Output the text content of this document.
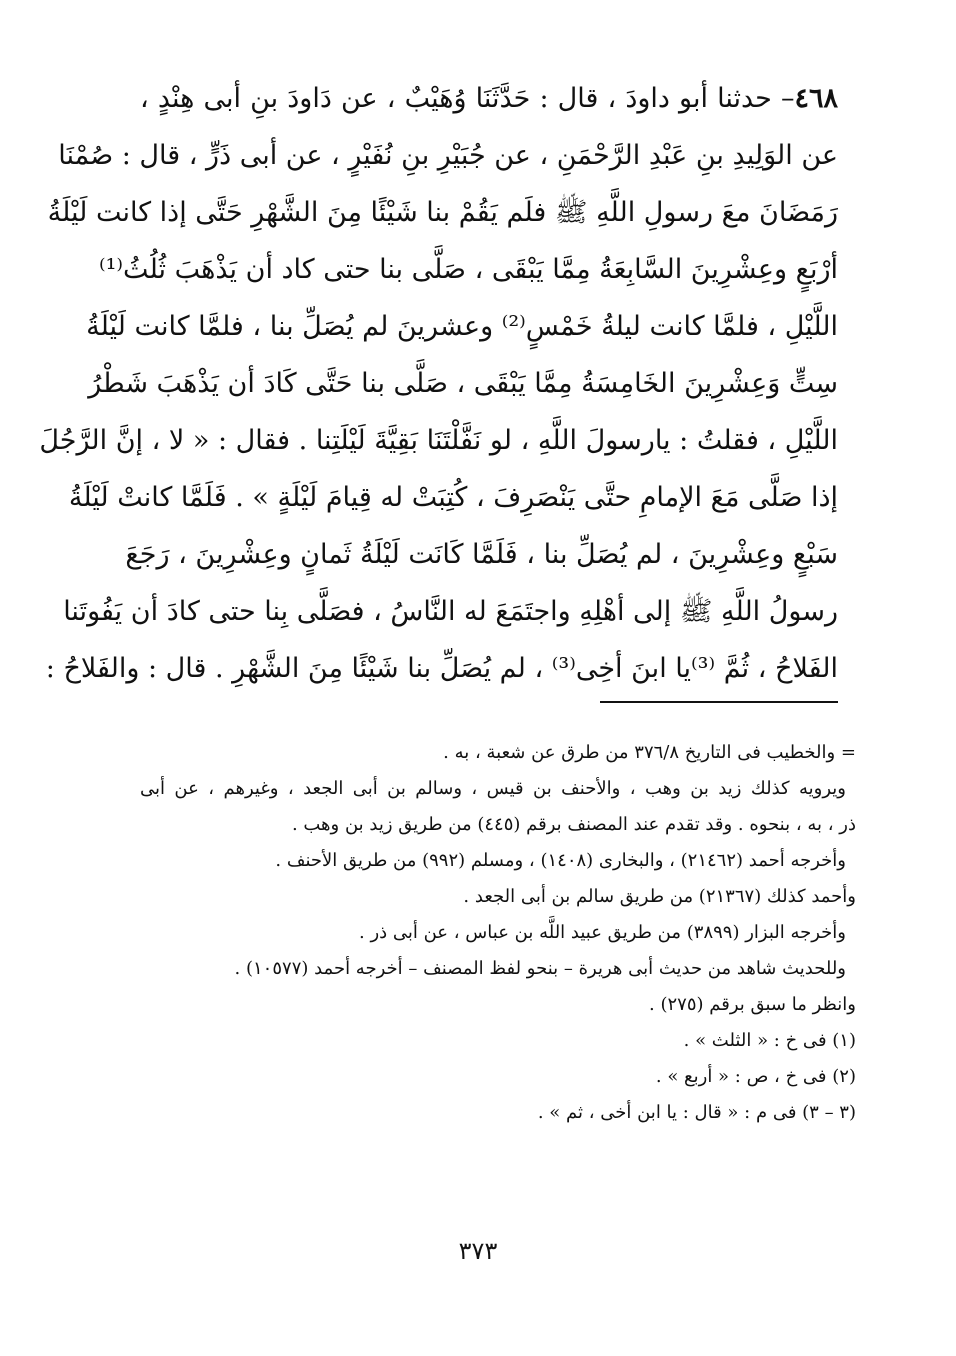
٤٦٨– حدثنا أبو داودَ ، قال : حَدَّثَنَا وُهَيْبٌ ، عن دَاودَ بنِ أبى هِنْدٍ ،
عن الوَلِيدِ بنِ عَبْدِ الرَّحْمَنِ ، عن جُبَيْرِ بنِ نُفَيْرٍ ، عن أبى ذَرٍّ ، قال : صُمْنَا
رَمَضَانَ معَ رسولِ اللَّهِ ﷺ فلَم يَقُمْ بنا شَيْئًا مِنَ الشَّهْرِ حَتَّى إذا كانت لَيْلَةُ
أرْبَعٍ وعِشْرِينَ السَّابِعَةُ مِمَّا يَبْقَى ، صَلَّى بنا حتى كاد أن يَذْهَبَ ثُلُثُ⁽¹⁾
اللَّيْلِ ، فلمَّا كانت ليلةُ خَمْسٍ⁽²⁾ وعشرينَ لم يُصَلِّ بنا ، فلمَّا كانت لَيْلَةُ
سِتٍّ وَعِشْرِينَ الخَامِسَةُ مِمَّا يَبْقَى ، صَلَّى بنا حَتَّى كَادَ أن يَذْهَبَ شَطْرُ
اللَّيْلِ ، فقلتُ : يارسولَ اللَّهِ ، لو نَفَّلْتَنَا بَقِيَّةَ لَيْلَتِنا . فقال : « لا ، إنَّ الرَّجُلَ
إذا صَلَّى مَعَ الإمامِ حتَّى يَنْصَرِفَ ، كُتِبَتْ له قِيامَ لَيْلَةٍ » . فَلَمَّا كانتْ لَيْلَةُ
سَبْعٍ وعِشْرِينَ ، لم يُصَلِّ بنا ، فَلَمَّا كَانَت لَيْلَةُ ثَمانٍ وعِشْرِينَ ، رَجَعَ
رسولُ اللَّهِ ﷺ إلى أهْلِهِ واجتَمَعَ له النَّاسُ ، فصَلَّى بِنا حتى كادَ أن يَفُوتَنا
الفَلاحُ ، ثُمَّ ⁽³⁾يا ابنَ أخِى⁽³⁾ ، لم يُصَلِّ بنا شَيْئًا مِنَ الشَّهْرِ . قال : والفَلاحُ :
= والخطيب فى التاريخ ٣٧٦/٨ من طرق عن شعبة ، به .
ويرويه كذلك زيد بن وهب ، والأحنف بن قيس ، وسالم بن أبى الجعد ، وغيرهم ، عن أبى
ذر ، به ، بنحوه . وقد تقدم عند المصنف برقم (٤٤٥) من طريق زيد بن وهب .
وأخرجه أحمد (٢١٤٦٢) ، والبخارى (١٤٠٨) ، ومسلم (٩٩٢) من طريق الأحنف .
وأحمد كذلك (٢١٣٦٧) من طريق سالم بن أبى الجعد .
وأخرجه البزار (٣٨٩٩) من طريق عبيد اللَّه بن عباس ، عن أبى ذر .
وللحديث شاهد من حديث أبى هريرة – بنحو لفظ المصنف – أخرجه أحمد (١٠٥٧٧) .
وانظر ما سبق برقم (٢٧٥) .
(١) فى خ : « الثلث » .
(٢) فى خ ، ص : « أربع » .
(٣ – ٣) فى م : « قال : يا ابن أخى ، ثم » .
٣٧٣
